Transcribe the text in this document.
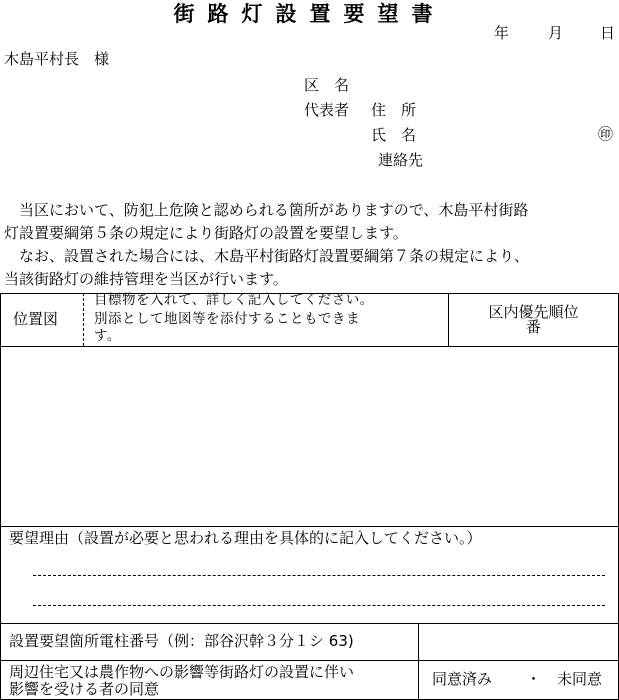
街路灯設置要望書
年	月 日
木島平村長　様
区　名
代表者 住　所
氏　名	㊞
連絡先
当区において、防犯上危険と認められる箇所がありますので、木島平村街路
灯設置要綱第５条の規定により街路灯の設置を要望します。
なお、設置された場合には、木島平村街路灯設置要綱第７条の規定により、
当該街路灯の維持管理を当区が行います。
位置図
目標物を入れて、詳しく記入してください。
別添として地図等を添付することもできま
す。
区内優先順位
番
要望理由（設置が必要と思われる理由を具体的に記入してください。）
設置要望箇所電柱番号（例：部谷沢幹３分１シ 63)
周辺住宅又は農作物への影響等街路灯の設置に伴い
影響を受ける者の同意
同意済み ・ 未同意
